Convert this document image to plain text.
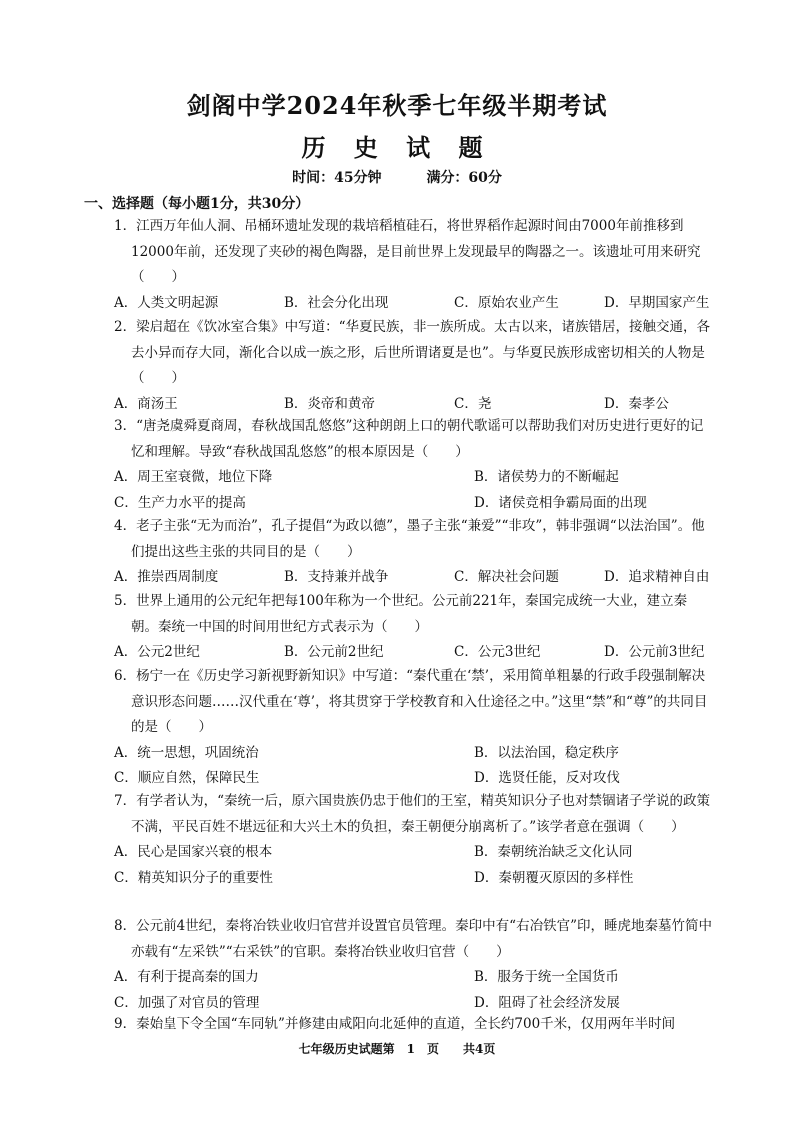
剑阁中学2024年秋季七年级半期考试
历 史 试 题
时间：45分钟	满分：60分
一、选择题（每小题1分，共30分）
1．江西万年仙人洞、吊桶环遗址发现的栽培稻植硅石，将世界稻作起源时间由7000年前推移到12000年前，还发现了夹砂的褐色陶器，是目前世界上发现最早的陶器之一。该遗址可用来研究（　　）
A．人类文明起源	B．社会分化出现	C．原始农业产生	D．早期国家产生
2．梁启超在《饮冰室合集》中写道：“华夏民族，非一族所成。太古以来，诸族错居，接触交通，各去小异而存大同，渐化合以成一族之形，后世所谓诸夏是也”。与华夏民族形成密切相关的人物是（　　）
A．商汤王	B．炎帝和黄帝	C．尧	D．秦孝公
3．“唐尧虞舜夏商周，春秋战国乱悠悠”这种朗朗上口的朝代歌谣可以帮助我们对历史进行更好的记忆和理解。导致“春秋战国乱悠悠”的根本原因是（　　）
A．周王室衰微，地位下降	B．诸侯势力的不断崛起
C．生产力水平的提高	D．诸侯竞相争霸局面的出现
4．老子主张“无为而治”，孔子提倡“为政以德”，墨子主张“兼爱”“非攻”，韩非强调“以法治国”。他们提出这些主张的共同目的是（　　）
A．推崇西周制度	B．支持兼并战争	C．解决社会问题	D．追求精神自由
5．世界上通用的公元纪年把每100年称为一个世纪。公元前221年，秦国完成统一大业，建立秦朝。秦统一中国的时间用世纪方式表示为（　　）
A．公元2世纪	B．公元前2世纪	C．公元3世纪	D．公元前3世纪
6．杨宁一在《历史学习新视野新知识》中写道：“秦代重在‘禁’，采用简单粗暴的行政手段强制解决意识形态问题……汉代重在‘尊’，将其贯穿于学校教育和入仕途径之中。”这里“禁”和“尊”的共同目的是（　　）
A．统一思想，巩固统治	B．以法治国，稳定秩序
C．顺应自然，保障民生	D．选贤任能，反对攻伐
7．有学者认为，“秦统一后，原六国贵族仍忠于他们的王室，精英知识分子也对禁锢诸子学说的政策不满，平民百姓不堪远征和大兴土木的负担，秦王朝便分崩离析了。”该学者意在强调（　　）
A．民心是国家兴衰的根本	B．秦朝统治缺乏文化认同
C．精英知识分子的重要性	D．秦朝覆灭原因的多样性
8．公元前4世纪，秦将冶铁业收归官营并设置官员管理。秦印中有“右冶铁官”印，睡虎地秦墓竹简中亦载有“左采铁”“右采铁”的官职。秦将冶铁业收归官营（　　）
A．有利于提高秦的国力	B．服务于统一全国货币
C．加强了对官员的管理	D．阻碍了社会经济发展
9．秦始皇下令全国“车同轨”并修建由咸阳向北延伸的直道，全长约700千米，仅用两年半时间
七年级历史试题第　1　页　　共4页
